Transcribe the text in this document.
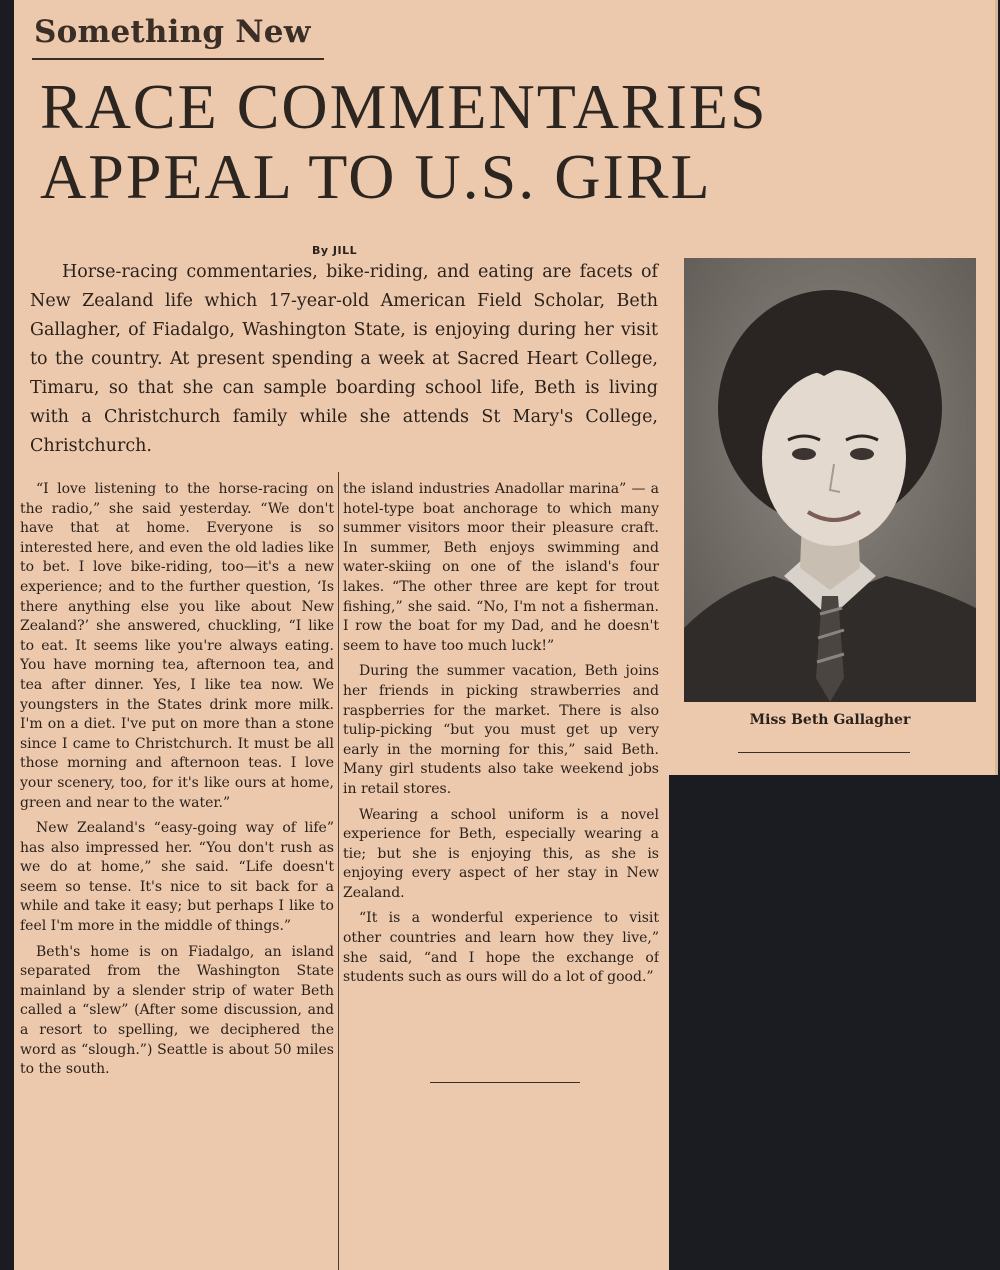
Something New
RACE COMMENTARIES
APPEAL TO U.S. GIRL
By JILL
Horse-racing commentaries, bike-riding, and eating are facets of New Zealand life which 17-year-old American Field Scholar, Beth Gallagher, of Fiadalgo, Washington State, is enjoying during her visit to the country. At present spending a week at Sacred Heart College, Timaru, so that she can sample boarding school life, Beth is living with a Christchurch family while she attends St Mary's College, Christchurch.
Miss Beth Gallagher

“I love listening to the horse-racing on the radio,” she said yesterday. “We don't have that at home. Everyone is so interested here, and even the old ladies like to bet. I love bike-riding, too—it's a new experience; and to the further question, ‘Is there anything else you like about New Zealand?’ she answered, chuckling, “I like to eat. It seems like you're always eating. You have morning tea, afternoon tea, and tea after dinner. Yes, I like tea now. We youngsters in the States drink more milk. I'm on a diet. I've put on more than a stone since I came to Christchurch. It must be all those morning and afternoon teas. I love your scenery, too, for it's like ours at home, green and near to the water.”

New Zealand's “easy-going way of life” has also impressed her. “You don't rush as we do at home,” she said. “Life doesn't seem so tense. It's nice to sit back for a while and take it easy; but perhaps I like to feel I'm more in the middle of things.”

Beth's home is on Fiadalgo, an island separated from the Washington State mainland by a slender strip of water Beth called a “slew” (After some discussion, and a resort to spelling, we deciphered the word as “slough.”) Seattle is about 50 miles to the south.

the island industries Anadollar marina” — a hotel-type boat anchorage to which many summer visitors moor their pleasure craft. In summer, Beth enjoys swimming and water-skiing on one of the island's four lakes. “The other three are kept for trout fishing,” she said. “No, I'm not a fisherman. I row the boat for my Dad, and he doesn't seem to have too much luck!”

During the summer vacation, Beth joins her friends in picking strawberries and raspberries for the market. There is also tulip-picking “but you must get up very early in the morning for this,” said Beth. Many girl students also take weekend jobs in retail stores.

Wearing a school uniform is a novel experience for Beth, especially wearing a tie; but she is enjoying this, as she is enjoying every aspect of her stay in New Zealand.

“It is a wonderful experience to visit other countries and learn how they live,” she said, “and I hope the exchange of students such as ours will do a lot of good.”
